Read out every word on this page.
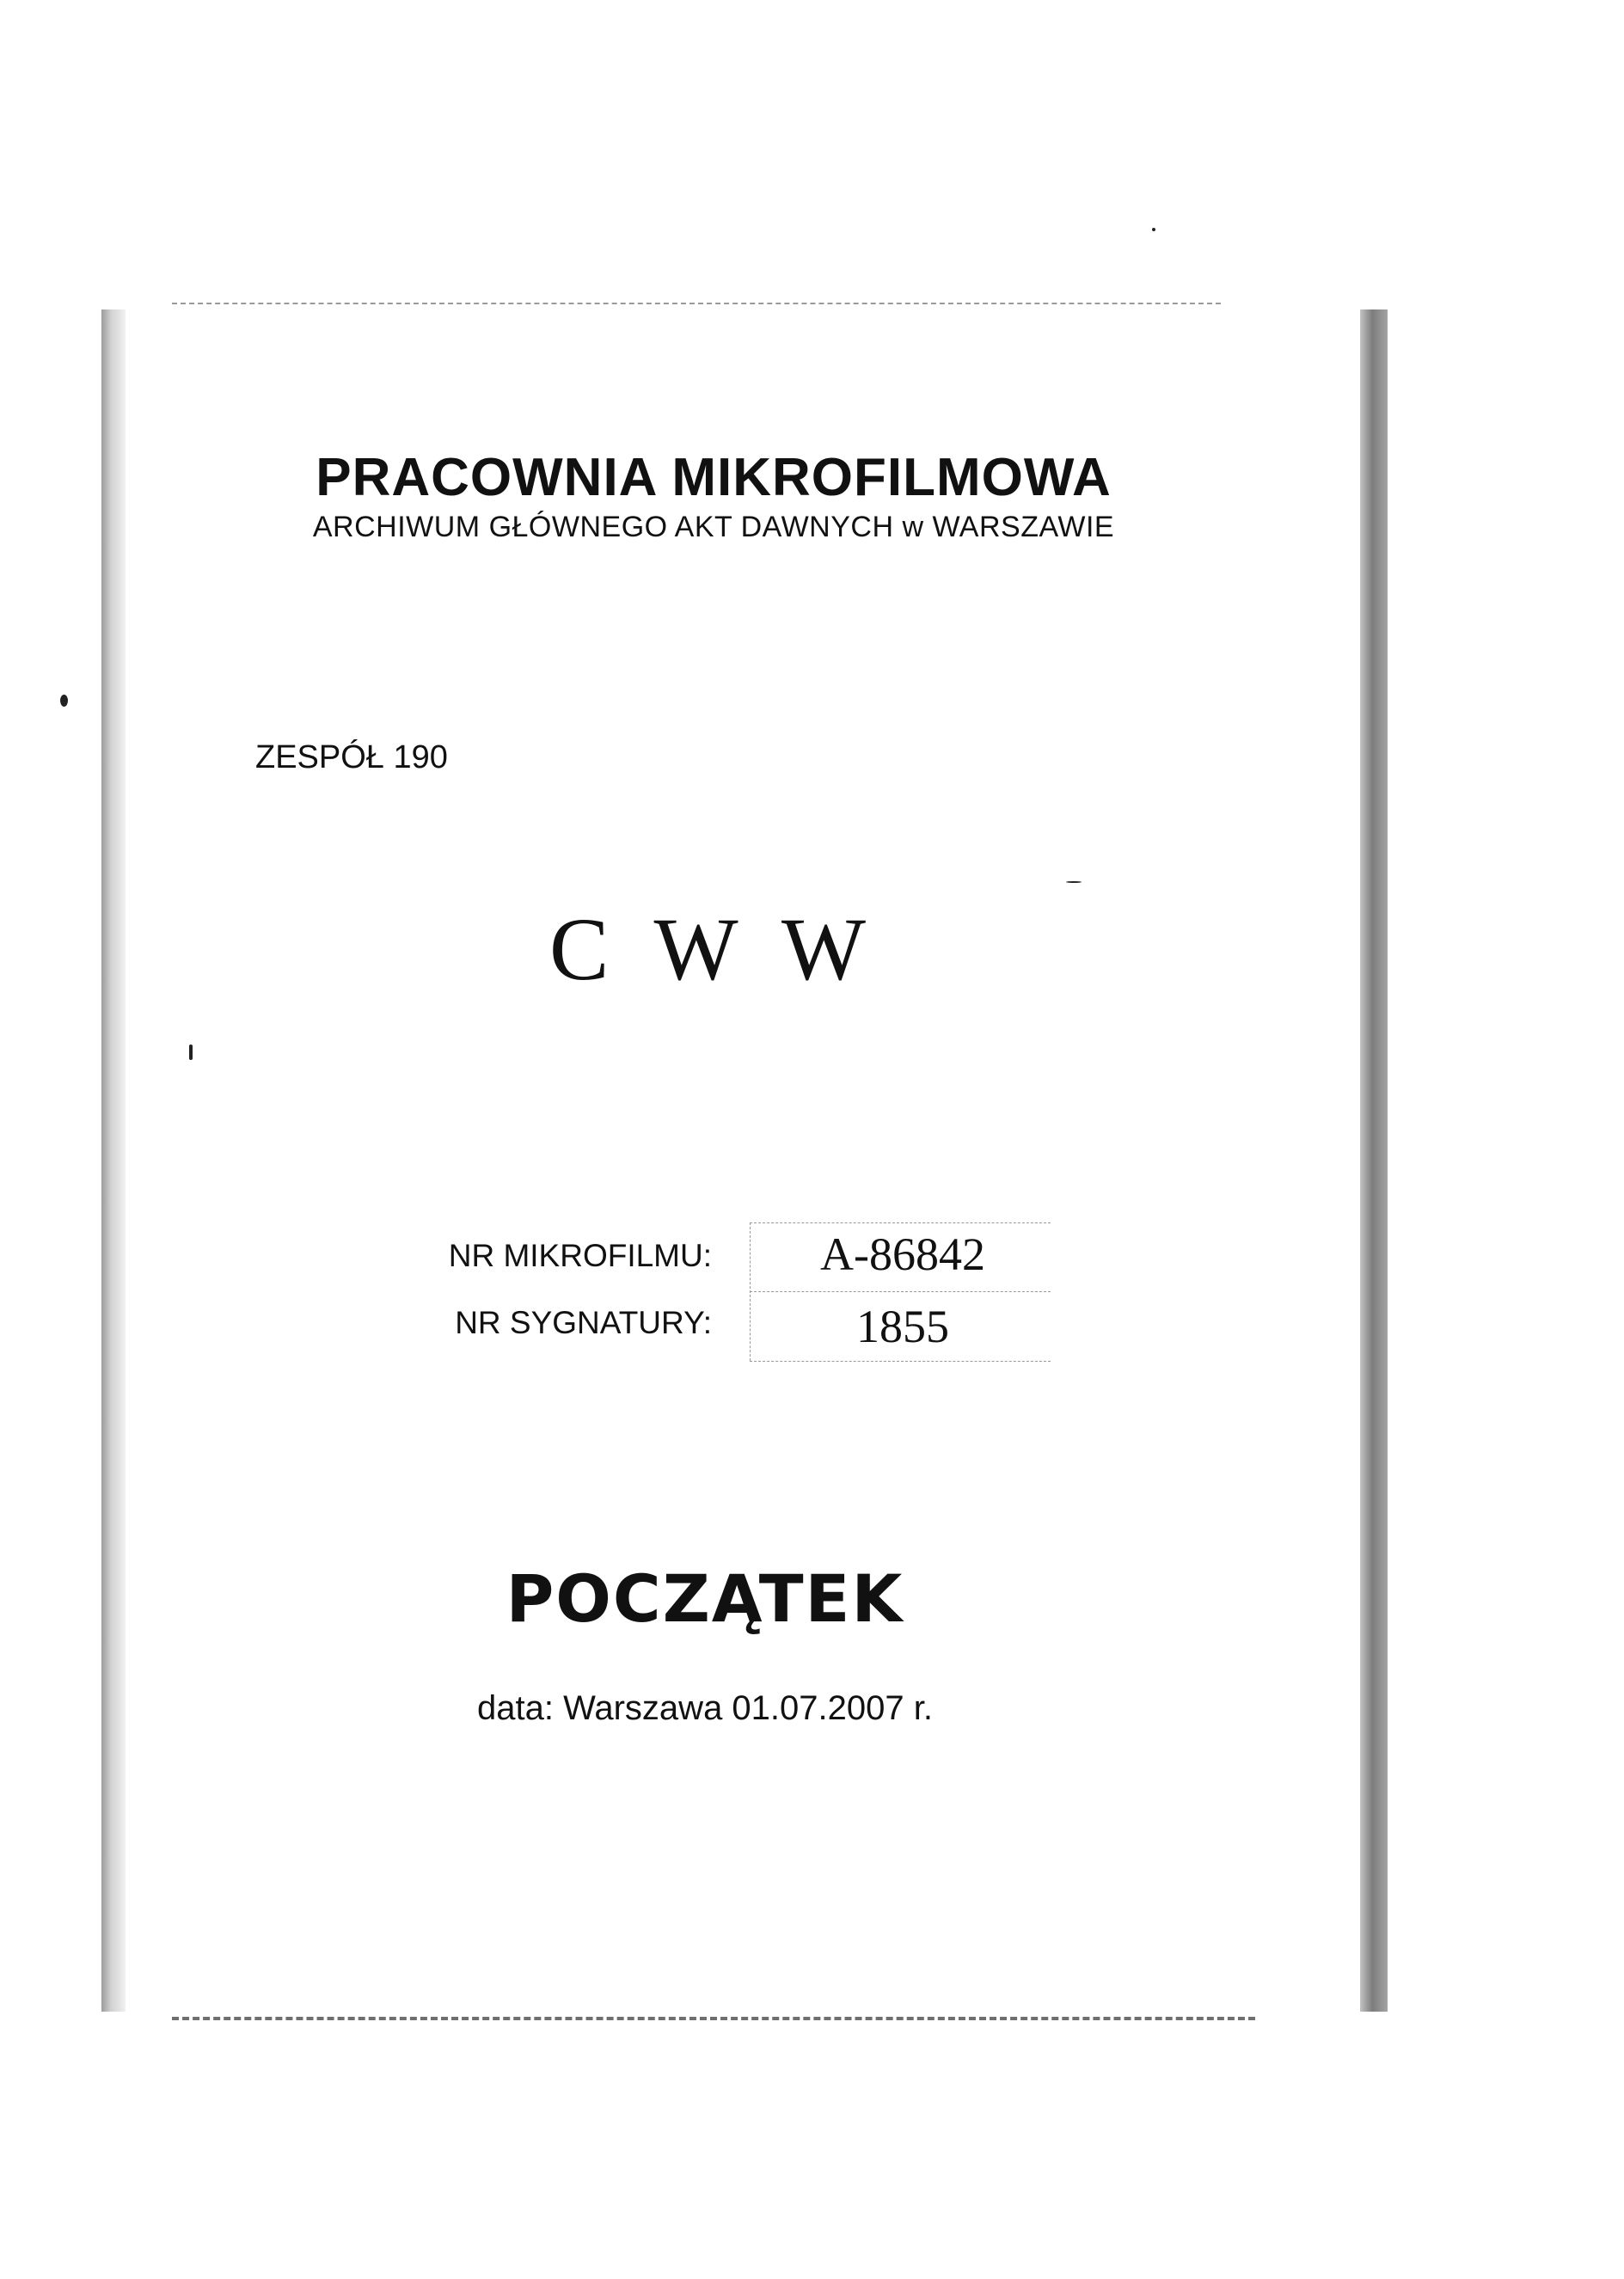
PRACOWNIA MIKROFILMOWA
ARCHIWUM GŁÓWNEGO AKT DAWNYCH w WARSZAWIE
ZESPÓŁ 190
C W W
NR MIKROFILMU:
NR SYGNATURY:
A-86842
1855
POCZĄTEK
data: Warszawa 01.07.2007 r.
